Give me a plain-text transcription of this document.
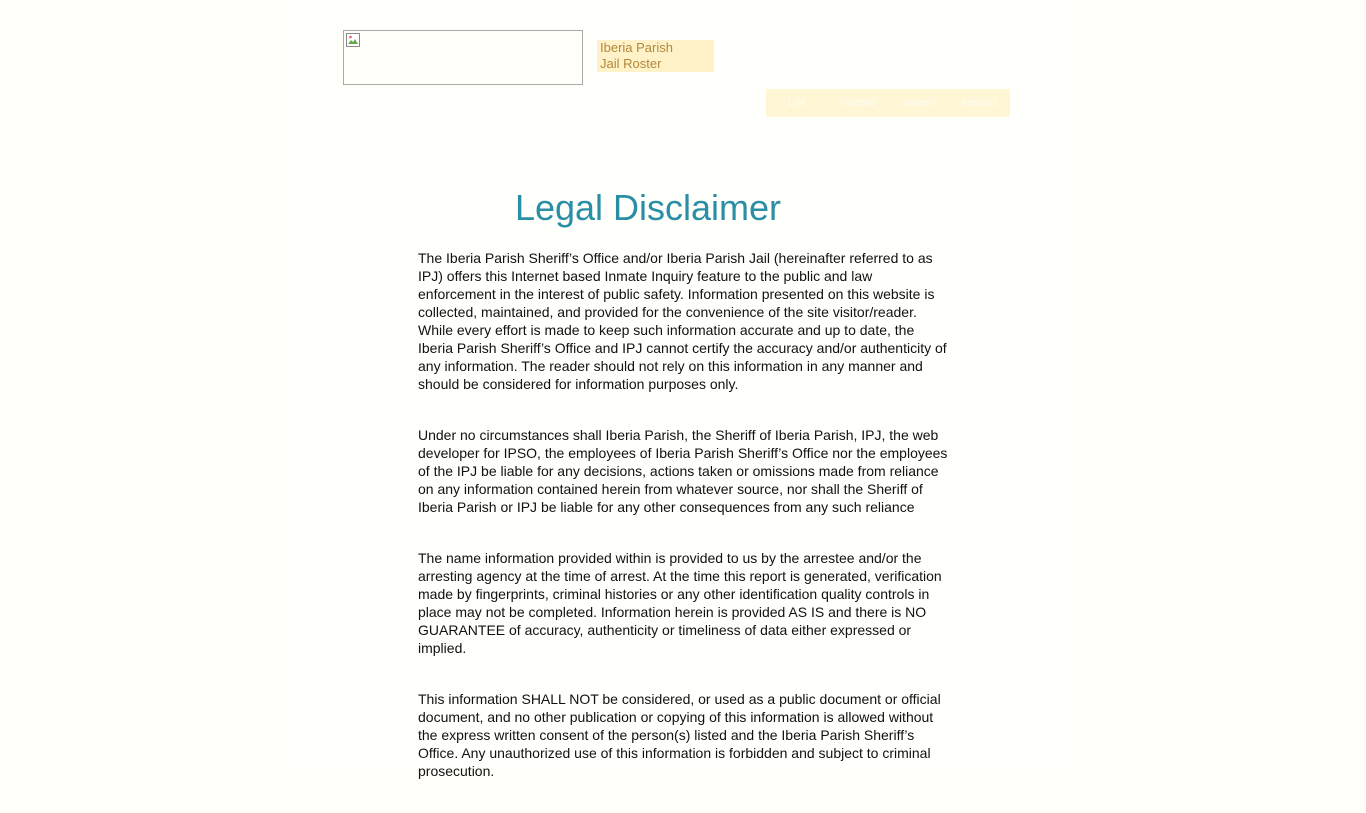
Iberia Parish
Jail Roster
List	Record	search	contact
Legal Disclaimer

The Iberia Parish Sheriff’s Office and/or Iberia Parish Jail (hereinafter referred to as IPJ) offers this Internet based Inmate Inquiry feature to the public and law enforcement in the interest of public safety. Information presented on this website is collected, maintained, and provided for the convenience of the site visitor/reader. While every effort is made to keep such information accurate and up to date, the Iberia Parish Sheriff’s Office and IPJ cannot certify the accuracy and/or authenticity of any information. The reader should not rely on this information in any manner and should be considered for information purposes only.

Under no circumstances shall Iberia Parish, the Sheriff of Iberia Parish, IPJ, the web developer for IPSO, the employees of Iberia Parish Sheriff’s Office nor the employees of the IPJ be liable for any decisions, actions taken or omissions made from reliance on any information contained herein from whatever source, nor shall the Sheriff of Iberia Parish or IPJ be liable for any other consequences from any such reliance

The name information provided within is provided to us by the arrestee and/or the arresting agency at the time of arrest. At the time this report is generated, verification made by fingerprints, criminal histories or any other identification quality controls in place may not be completed. Information herein is provided AS IS and there is NO GUARANTEE of accuracy, authenticity or timeliness of data either expressed or implied.

This information SHALL NOT be considered, or used as a public document or official document, and no other publication or copying of this information is allowed without the express written consent of the person(s) listed and the Iberia Parish Sheriff’s Office. Any unauthorized use of this information is forbidden and subject to criminal prosecution.
